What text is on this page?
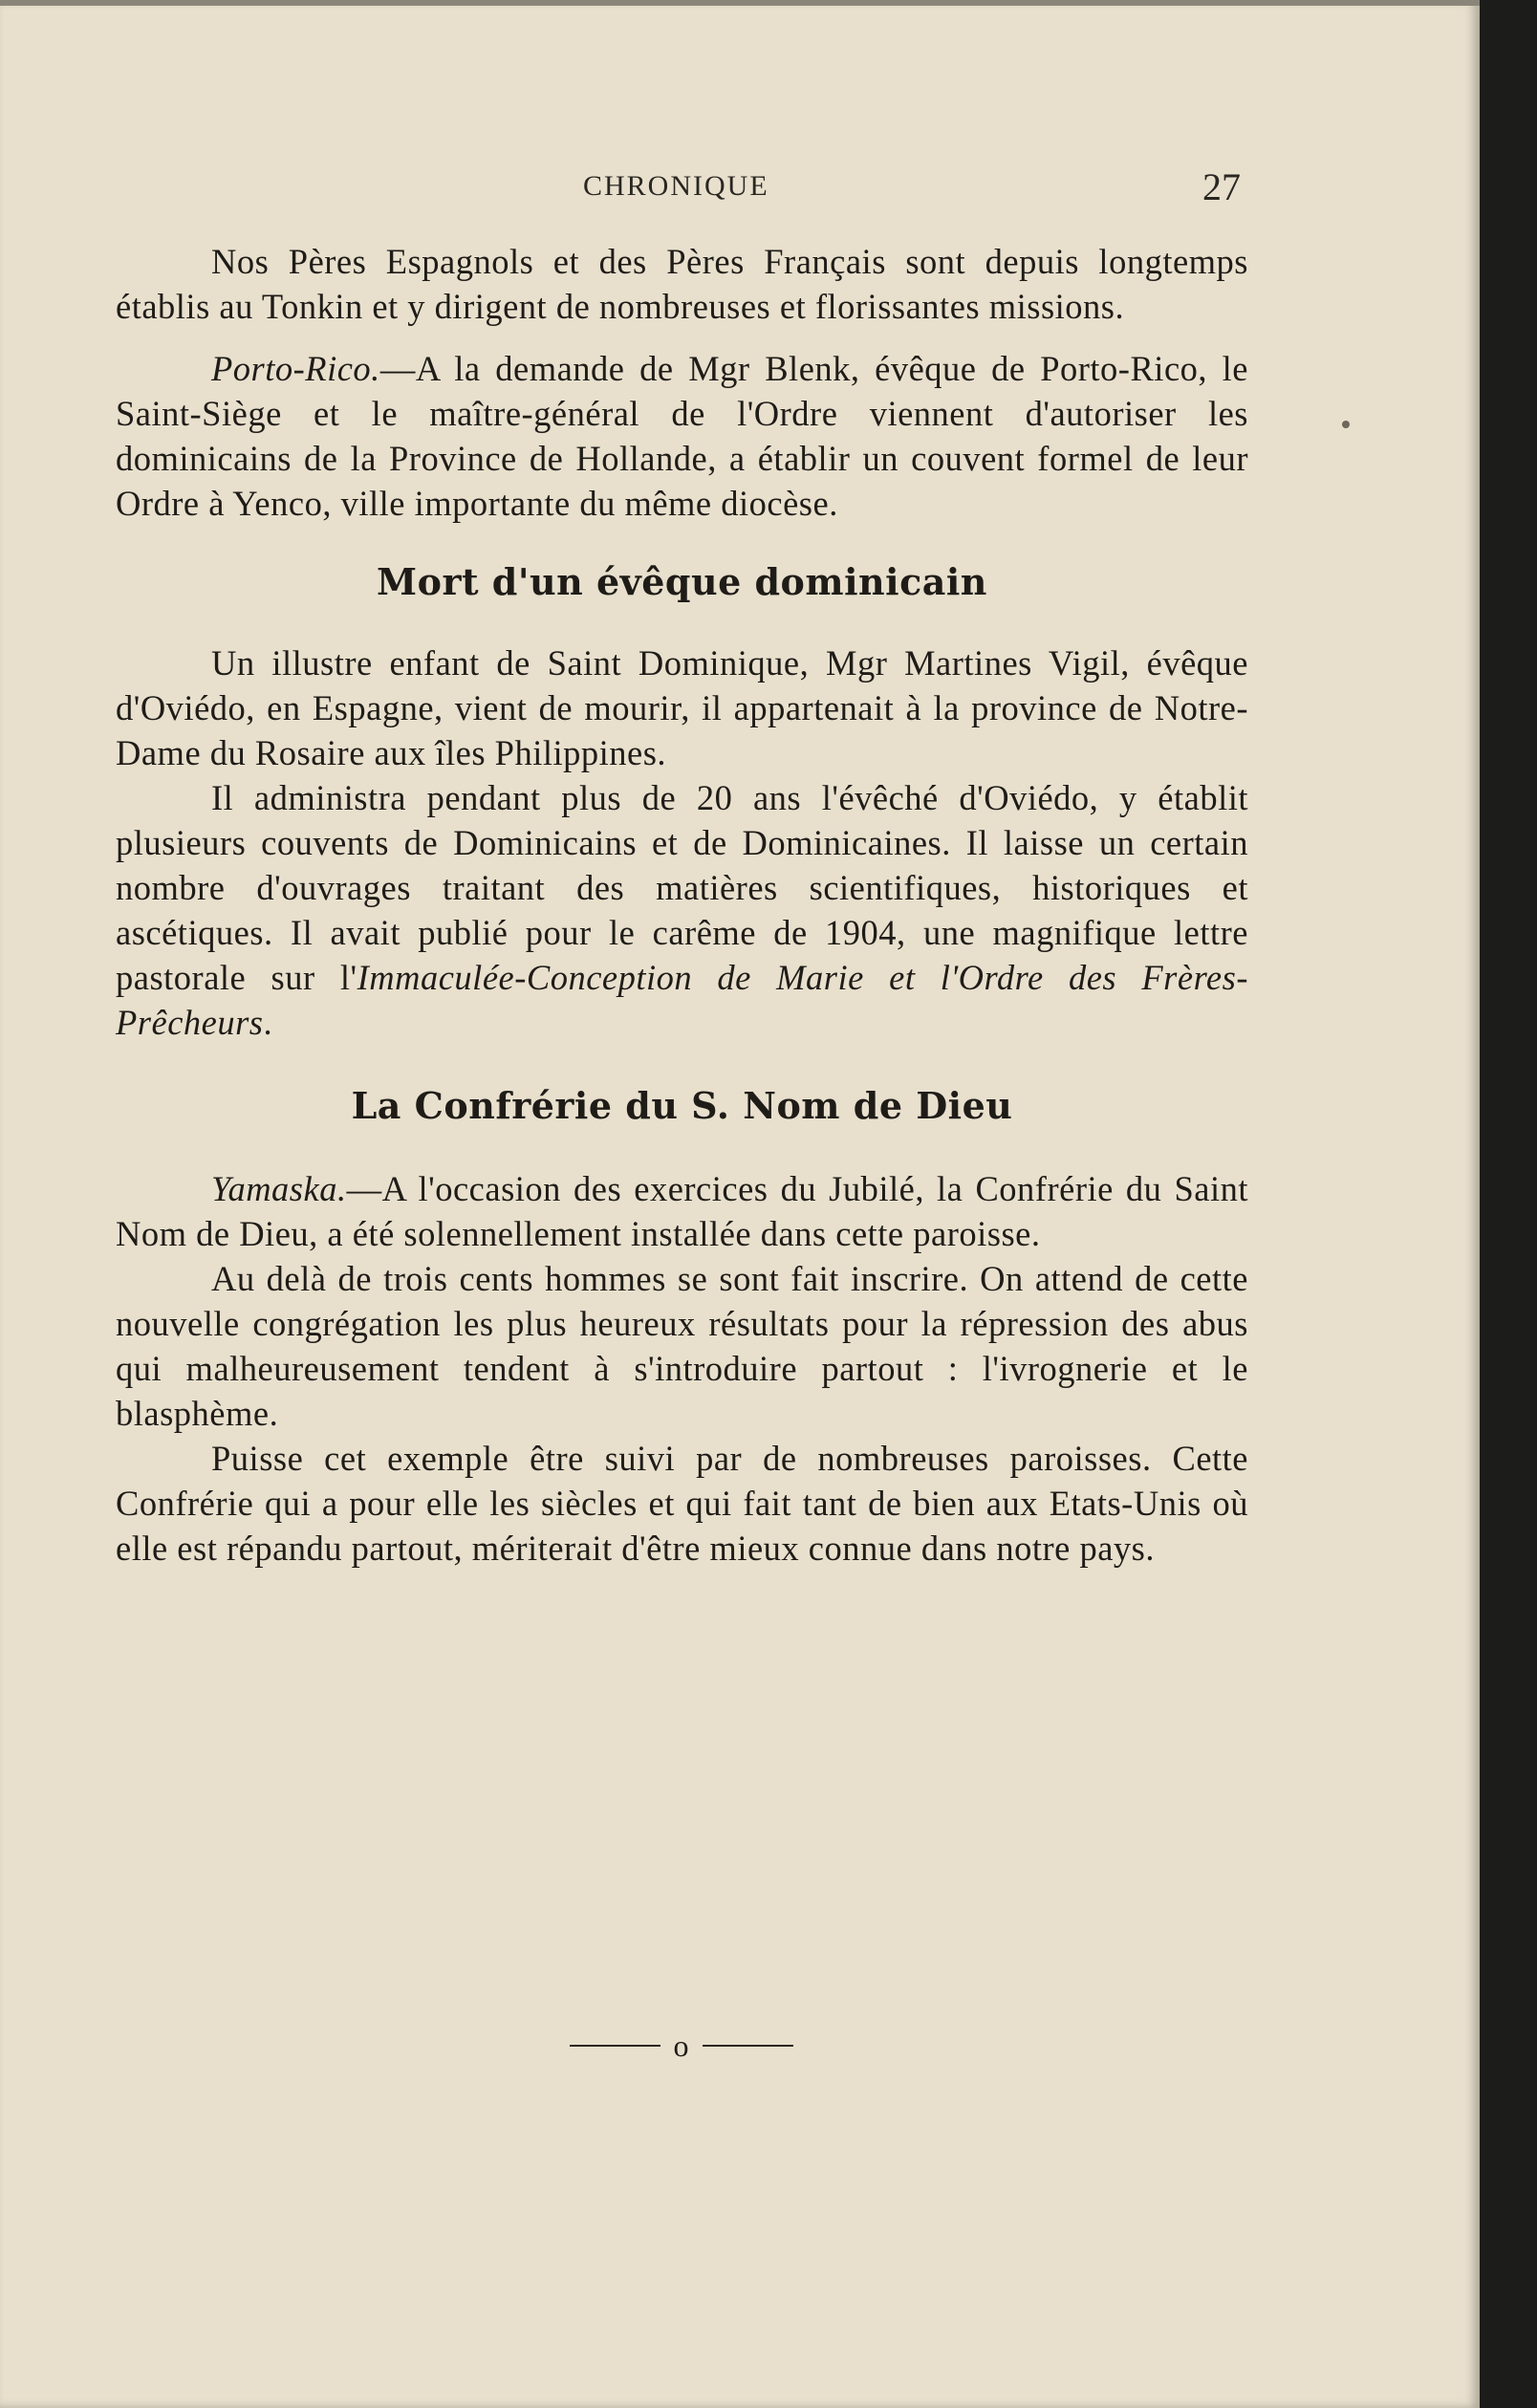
CHRONIQUE	27

Nos Pères Espagnols et des Pères Français sont depuis longtemps établis au Tonkin et y dirigent de nombreuses et florissantes missions.

Porto-Rico.—A la demande de Mgr Blenk, évêque de Porto-Rico, le Saint-Siège et le maître-général de l'Ordre viennent d'autoriser les dominicains de la Province de Hollande, a établir un couvent formel de leur Ordre à Yenco, ville importante du même diocèse.

Mort d'un évêque dominicain

Un illustre enfant de Saint Dominique, Mgr Martines Vigil, évêque d'Oviédo, en Espagne, vient de mourir, il appartenait à la province de Notre-Dame du Rosaire aux îles Philippines.

Il administra pendant plus de 20 ans l'évêché d'Oviédo, y établit plusieurs couvents de Dominicains et de Dominicaines. Il laisse un certain nombre d'ouvrages traitant des matières scientifiques, historiques et ascétiques. Il avait publié pour le carême de 1904, une magnifique lettre pastorale sur l'Immaculée-Conception de Marie et l'Ordre des Frères-Prêcheurs.

La Confrérie du S. Nom de Dieu

Yamaska.—A l'occasion des exercices du Jubilé, la Confrérie du Saint Nom de Dieu, a été solennellement installée dans cette paroisse.

Au delà de trois cents hommes se sont fait inscrire. On attend de cette nouvelle congrégation les plus heureux résultats pour la répression des abus qui malheureusement tendent à s'introduire partout : l'ivrognerie et le blasphème.

Puisse cet exemple être suivi par de nombreuses paroisses. Cette Confrérie qui a pour elle les siècles et qui fait tant de bien aux Etats-Unis où elle est répandu partout, mériterait d'être mieux connue dans notre pays.

o
